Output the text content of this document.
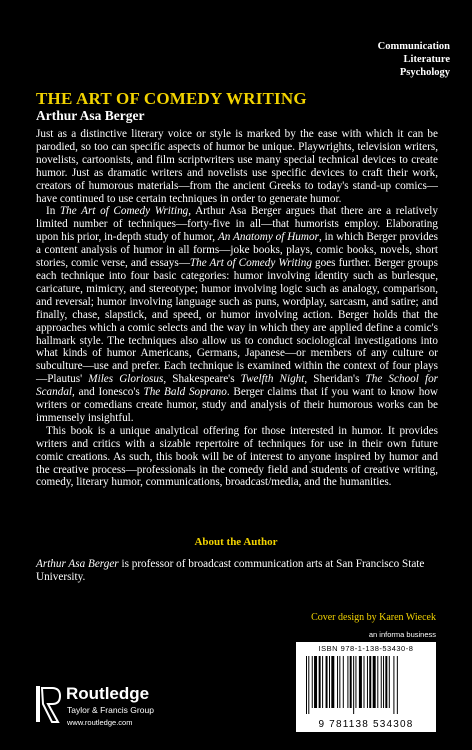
Communication
Literature
Psychology
THE ART OF COMEDY WRITING
Arthur Asa Berger

Just as a distinctive literary voice or style is marked by the ease with which it can be parodied, so too can specific aspects of humor be unique. Playwrights, television writers, novelists, cartoonists, and film scriptwriters use many special technical devices to create humor. Just as dramatic writers and novelists use specific devices to craft their work, creators of humorous materials—from the ancient Greeks to today's stand-up comics—have continued to use certain techniques in order to generate humor.

In The Art of Comedy Writing, Arthur Asa Berger argues that there are a relatively limited number of techniques—forty-five in all—that humorists employ. Elaborating upon his prior, in-depth study of humor, An Anatomy of Humor, in which Berger provides a content analysis of humor in all forms—joke books, plays, comic books, novels, short stories, comic verse, and essays—The Art of Comedy Writing goes further. Berger groups each technique into four basic categories: humor involving identity such as burlesque, caricature, mimicry, and stereotype; humor involving logic such as analogy, comparison, and reversal; humor involving language such as puns, wordplay, sarcasm, and satire; and finally, chase, slapstick, and speed, or humor involving action. Berger holds that the approaches which a comic selects and the way in which they are applied define a comic's hallmark style. The techniques also allow us to conduct sociological investigations into what kinds of humor Americans, Germans, Japanese—or members of any culture or subculture—use and prefer. Each technique is examined within the context of four plays—Plautus' Miles Gloriosus, Shakespeare's Twelfth Night, Sheridan's The School for Scandal, and Ionesco's The Bald Soprano. Berger claims that if you want to know how writers or comedians create humor, study and analysis of their humorous works can be immensely insightful.

This book is a unique analytical offering for those interested in humor. It provides writers and critics with a sizable repertoire of techniques for use in their own future comic creations. As such, this book will be of interest to anyone inspired by humor and the creative process—professionals in the comedy field and students of creative writing, comedy, literary humor, communications, broadcast/media, and the humanities.

About the Author
Arthur Asa Berger is professor of broadcast communication arts at San Francisco State University.
Cover design by Karen Wiecek
an informa business
ISBN 978-1-138-53430-8
9 781138 534308
Routledge
Taylor & Francis Group
www.routledge.com
